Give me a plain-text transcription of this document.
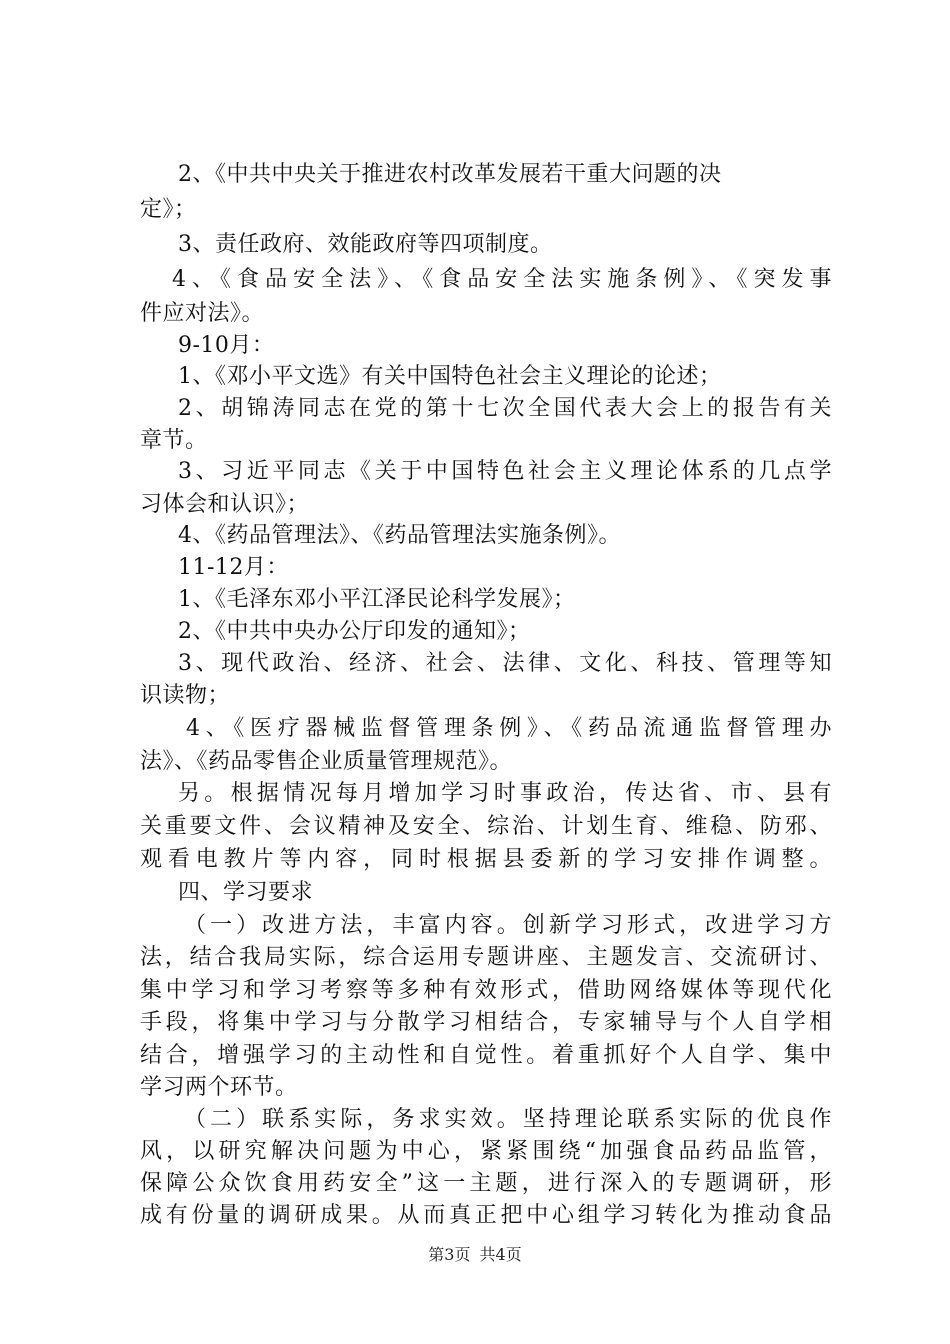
2、《中共中央关于推进农村改革发展若干重大问题的决
定》；
3、责任政府、效能政府等四项制度。
4、《食品安全法》、《食品安全法实施条例》、《突发事
件应对法》。
9-10月：
1、《邓小平文选》有关中国特色社会主义理论的论述；
2、胡锦涛同志在党的第十七次全国代表大会上的报告有关
章节。
3、习近平同志《关于中国特色社会主义理论体系的几点学
习体会和认识》；
4、《药品管理法》、《药品管理法实施条例》。
11-12月：
1、《毛泽东邓小平江泽民论科学发展》；
2、《中共中央办公厅印发的通知》；
3、现代政治、经济、社会、法律、文化、科技、管理等知
识读物；
4、《医疗器械监督管理条例》、《药品流通监督管理办
法》、《药品零售企业质量管理规范》。
另。根据情况每月增加学习时事政治，传达省、市、县有
关重要文件、会议精神及安全、综治、计划生育、维稳、防邪、
观看电教片等内容，同时根据县委新的学习安排作调整。
四、学习要求
（一）改进方法，丰富内容。创新学习形式，改进学习方
法，结合我局实际，综合运用专题讲座、主题发言、交流研讨、
集中学习和学习考察等多种有效形式，借助网络媒体等现代化
手段，将集中学习与分散学习相结合，专家辅导与个人自学相
结合，增强学习的主动性和自觉性。着重抓好个人自学、集中
学习两个环节。
（二）联系实际，务求实效。坚持理论联系实际的优良作
风，以研究解决问题为中心，紧紧围绕“加强食品药品监管，
保障公众饮食用药安全”这一主题，进行深入的专题调研，形
成有份量的调研成果。从而真正把中心组学习转化为推动食品
第3页 共4页
